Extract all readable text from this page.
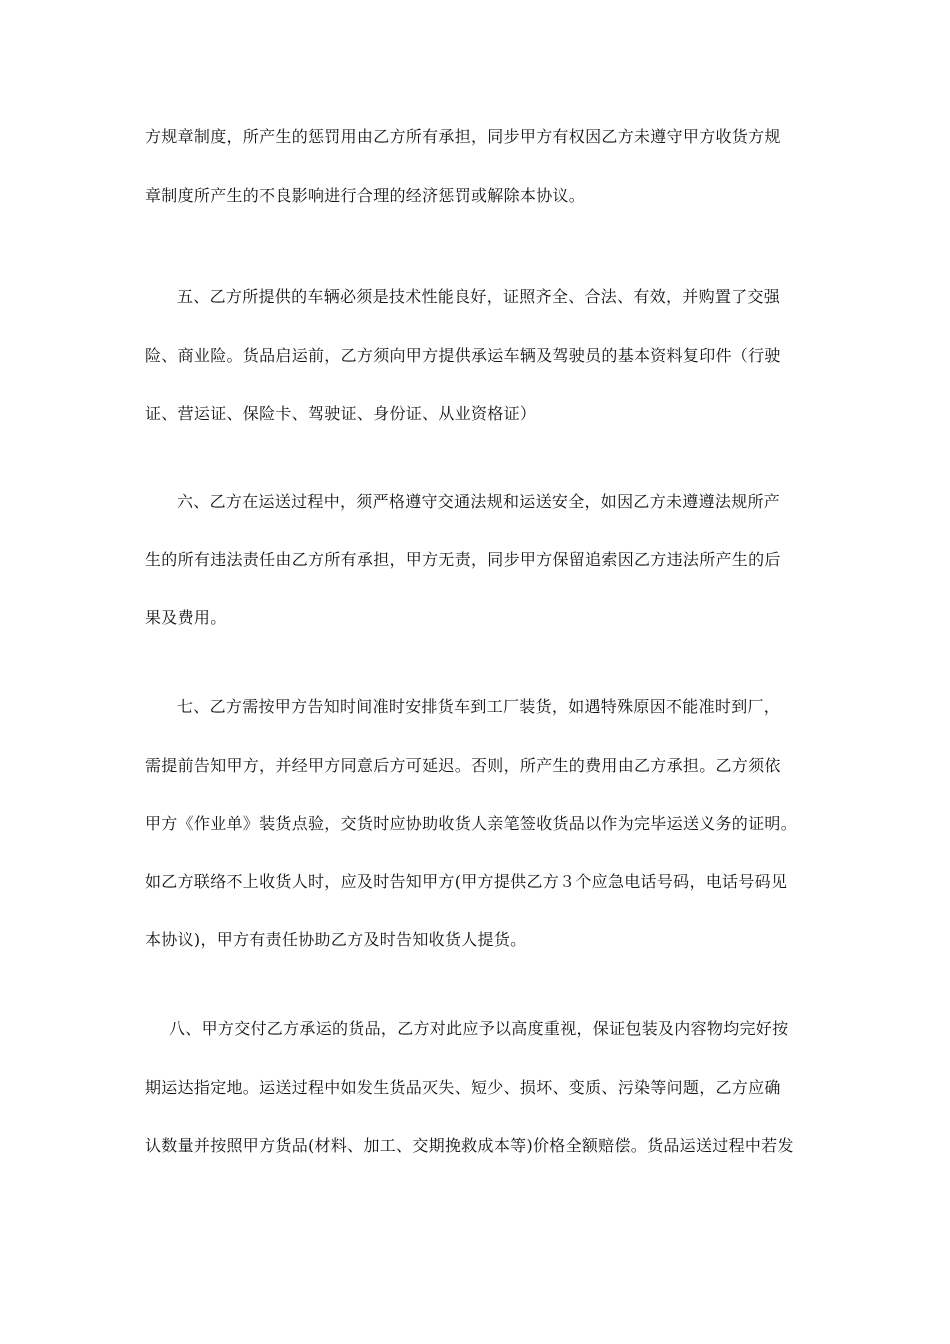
方规章制度，所产生的惩罚用由乙方所有承担，同步甲方有权因乙方未遵守甲方收货方规
章制度所产生的不良影响进行合理的经济惩罚或解除本协议。
五、乙方所提供的车辆必须是技术性能良好，证照齐全、合法、有效，并购置了交强
险、商业险。货品启运前，乙方须向甲方提供承运车辆及驾驶员的基本资料复印件（行驶
证、营运证、保险卡、驾驶证、身份证、从业资格证）
六、乙方在运送过程中，须严格遵守交通法规和运送安全，如因乙方未遵遵法规所产
生的所有违法责任由乙方所有承担，甲方无责，同步甲方保留追索因乙方违法所产生的后
果及费用。
七、乙方需按甲方告知时间准时安排货车到工厂装货，如遇特殊原因不能准时到厂，
需提前告知甲方，并经甲方同意后方可延迟。否则，所产生的费用由乙方承担。乙方须依
甲方《作业单》装货点验，交货时应协助收货人亲笔签收货品以作为完毕运送义务的证明。
如乙方联络不上收货人时，应及时告知甲方(甲方提供乙方３个应急电话号码，电话号码见
本协议)，甲方有责任协助乙方及时告知收货人提货。
八、甲方交付乙方承运的货品，乙方对此应予以高度重视，保证包装及内容物均完好按
期运达指定地。运送过程中如发生货品灭失、短少、损坏、变质、污染等问题，乙方应确
认数量并按照甲方货品(材料、加工、交期挽救成本等)价格全额赔偿。货品运送过程中若发
